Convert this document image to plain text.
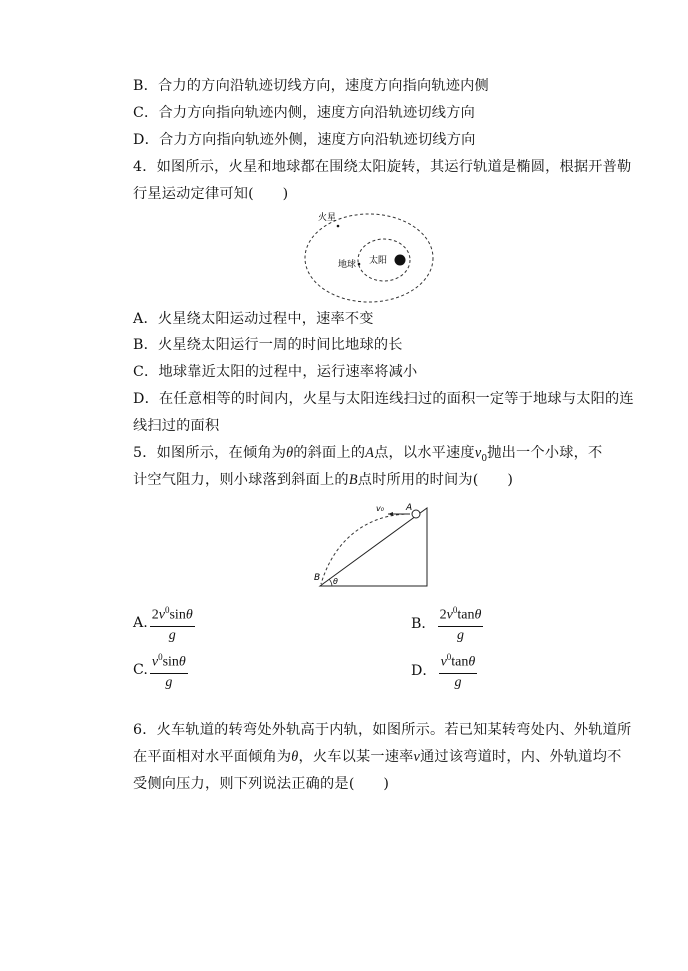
B．合力的方向沿轨迹切线方向，速度方向指向轨迹内侧
C．合力方向指向轨迹内侧，速度方向沿轨迹切线方向
D．合力方向指向轨迹外侧，速度方向沿轨迹切线方向
4．如图所示，火星和地球都在围绕太阳旋转，其运行轨道是椭圆，根据开普勒
行星运动定律可知(　　)
火星
地球 太阳
A．火星绕太阳运动过程中，速率不变
B．火星绕太阳运行一周的时间比地球的长
C．地球靠近太阳的过程中，运行速率将减小
D．在任意相等的时间内，火星与太阳连线扫过的面积一定等于地球与太阳的连
线扫过的面积
5．如图所示，在倾角为θ的斜面上的A点，以水平速度$v_0$抛出一个小球，不
计空气阻力，则小球落到斜面上的B点时所用的时间为(　　)
A
v₀
B θ
A. $\frac{2v^0\sin\theta}{g}$	B． $\frac{2v^0\tan\theta}{g}$
C. $\frac{v^0\sin\theta}{g}$	D． $\frac{v^0\tan\theta}{g}$
6．火车轨道的转弯处外轨高于内轨，如图所示。若已知某转弯处内、外轨道所
在平面相对水平面倾角为θ，火车以某一速率v通过该弯道时，内、外轨道均不
受侧向压力，则下列说法正确的是(　　)
